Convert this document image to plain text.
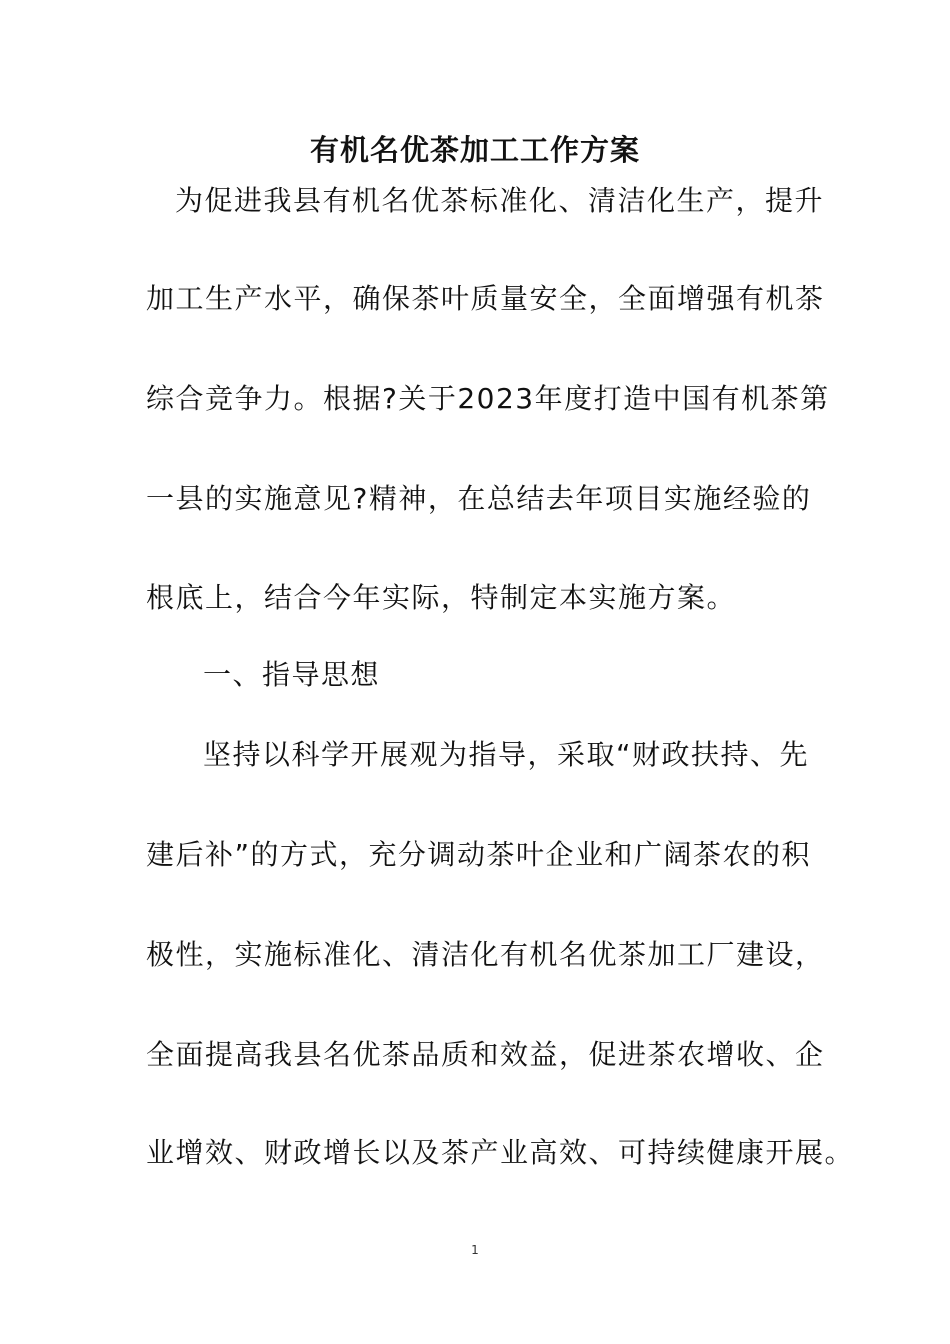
有机名优茶加工工作方案
为促进我县有机名优茶标准化、清洁化生产，提升
加工生产水平，确保茶叶质量安全，全面增强有机茶
综合竞争力。根据?关于2023年度打造中国有机茶第
一县的实施意见?精神，在总结去年项目实施经验的
根底上，结合今年实际，特制定本实施方案。
一、指导思想
坚持以科学开展观为指导，采取“财政扶持、先
建后补”的方式，充分调动茶叶企业和广阔茶农的积
极性，实施标准化、清洁化有机名优茶加工厂建设，
全面提高我县名优茶品质和效益，促进茶农增收、企
业增效、财政增长以及茶产业高效、可持续健康开展。
1
